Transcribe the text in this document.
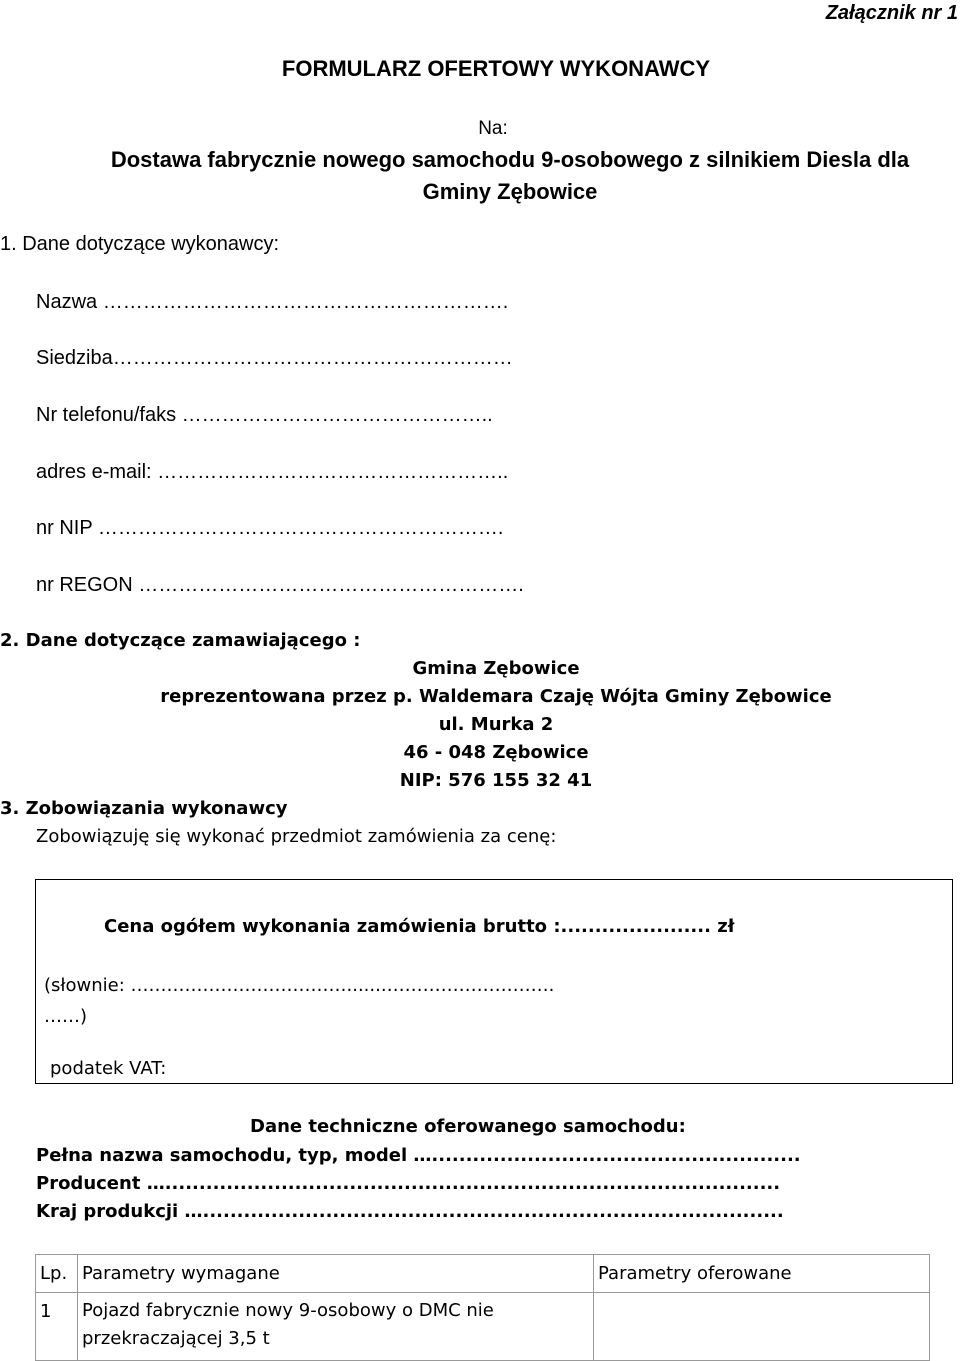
Załącznik nr 1
FORMULARZ OFERTOWY WYKONAWCY
Na:
Dostawa fabrycznie nowego samochodu 9-osobowego z silnikiem Diesla dla Gminy Zębowice
1. Dane dotyczące wykonawcy:
Nazwa …………………………………………………….
Siedziba……………………………………………………
Nr telefonu/faks ………………………………………..
adres e-mail: ……………………………………………..
nr NIP …………………………………………………….
nr REGON ………………………………………………….
2. Dane dotyczące zamawiającego :
Gmina Zębowice
reprezentowana przez p. Waldemara Czaję Wójta Gminy Zębowice
ul. Murka 2
46 - 048 Zębowice
NIP: 576 155 32 41
3. Zobowiązania wykonawcy
Zobowiązuję się wykonać przedmiot zamówienia za cenę:
Cena ogółem wykonania zamówienia brutto :...................... zł
(słownie: ……………………………….......……………………….
……)
podatek VAT:
Dane techniczne oferowanego samochodu:
Pełna nazwa samochodu, typ, model …......................................................
Producent …..........................................................................................
Kraj produkcji ….....................................................................................
Lp.	Parametry wymagane	Parametry oferowane
1	Pojazd fabrycznie nowy 9-osobowy o DMC nie przekraczającej 3,5 t	
